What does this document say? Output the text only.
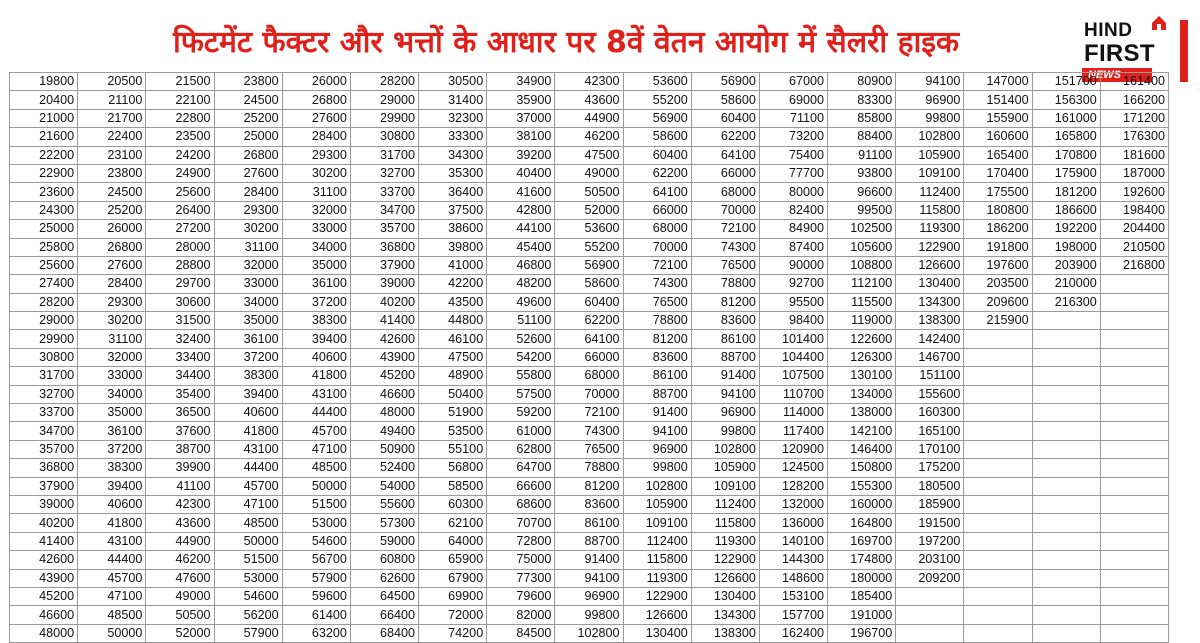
फिटमेंट फैक्टर और भत्तों के आधार पर 8वें वेतन आयोग में सैलरी हाइक	HIND
FIRST
NEWS
19800	20500	21500	23800	26000	28200	30500	34900	42300	53600	56900	67000	80900	94100	147000	151700	161400
20400	21100	22100	24500	26800	29000	31400	35900	43600	55200	58600	69000	83300	96900	151400	156300	166200
21000	21700	22800	25200	27600	29900	32300	37000	44900	56900	60400	71100	85800	99800	155900	161000	171200
21600	22400	23500	25000	28400	30800	33300	38100	46200	58600	62200	73200	88400	102800	160600	165800	176300
22200	23100	24200	26800	29300	31700	34300	39200	47500	60400	64100	75400	91100	105900	165400	170800	181600
22900	23800	24900	27600	30200	32700	35300	40400	49000	62200	66000	77700	93800	109100	170400	175900	187000
23600	24500	25600	28400	31100	33700	36400	41600	50500	64100	68000	80000	96600	112400	175500	181200	192600
24300	25200	26400	29300	32000	34700	37500	42800	52000	66000	70000	82400	99500	115800	180800	186600	198400
25000	26000	27200	30200	33000	35700	38600	44100	53600	68000	72100	84900	102500	119300	186200	192200	204400
25800	26800	28000	31100	34000	36800	39800	45400	55200	70000	74300	87400	105600	122900	191800	198000	210500
25600	27600	28800	32000	35000	37900	41000	46800	56900	72100	76500	90000	108800	126600	197600	203900	216800
27400	28400	29700	33000	36100	39000	42200	48200	58600	74300	78800	92700	112100	130400	203500	210000	
28200	29300	30600	34000	37200	40200	43500	49600	60400	76500	81200	95500	115500	134300	209600	216300	
29000	30200	31500	35000	38300	41400	44800	51100	62200	78800	83600	98400	119000	138300	215900		
29900	31100	32400	36100	39400	42600	46100	52600	64100	81200	86100	101400	122600	142400			
30800	32000	33400	37200	40600	43900	47500	54200	66000	83600	88700	104400	126300	146700			
31700	33000	34400	38300	41800	45200	48900	55800	68000	86100	91400	107500	130100	151100			
32700	34000	35400	39400	43100	46600	50400	57500	70000	88700	94100	110700	134000	155600			
33700	35000	36500	40600	44400	48000	51900	59200	72100	91400	96900	114000	138000	160300			
34700	36100	37600	41800	45700	49400	53500	61000	74300	94100	99800	117400	142100	165100			
35700	37200	38700	43100	47100	50900	55100	62800	76500	96900	102800	120900	146400	170100			
36800	38300	39900	44400	48500	52400	56800	64700	78800	99800	105900	124500	150800	175200			
37900	39400	41100	45700	50000	54000	58500	66600	81200	102800	109100	128200	155300	180500			
39000	40600	42300	47100	51500	55600	60300	68600	83600	105900	112400	132000	160000	185900			
40200	41800	43600	48500	53000	57300	62100	70700	86100	109100	115800	136000	164800	191500			
41400	43100	44900	50000	54600	59000	64000	72800	88700	112400	119300	140100	169700	197200			
42600	44400	46200	51500	56700	60800	65900	75000	91400	115800	122900	144300	174800	203100			
43900	45700	47600	53000	57900	62600	67900	77300	94100	119300	126600	148600	180000	209200			
45200	47100	49000	54600	59600	64500	69900	79600	96900	122900	130400	153100	185400				
46600	48500	50500	56200	61400	66400	72000	82000	99800	126600	134300	157700	191000				
48000	50000	52000	57900	63200	68400	74200	84500	102800	130400	138300	162400	196700				
